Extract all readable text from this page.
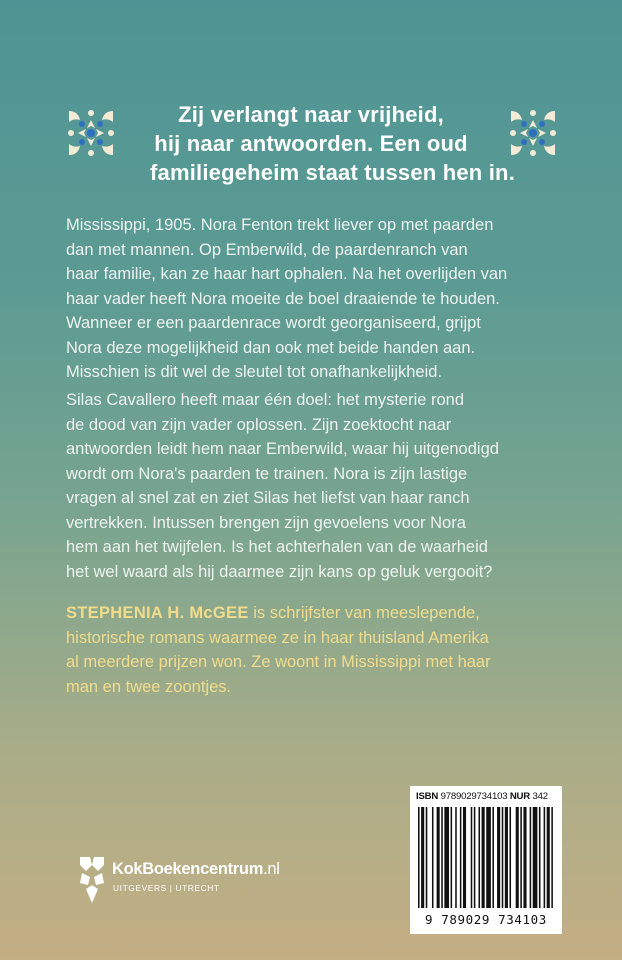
Zij verlangt naar vrijheid,
hij naar antwoorden. Een oud
familiegeheim staat tussen hen in.

Mississippi, 1905. Nora Fenton trekt liever op met paarden
dan met mannen. Op Emberwild, de paardenranch van
haar familie, kan ze haar hart ophalen. Na het overlijden van
haar vader heeft Nora moeite de boel draaiende te houden.
Wanneer er een paardenrace wordt georganiseerd, grijpt
Nora deze mogelijkheid dan ook met beide handen aan.
Misschien is dit wel de sleutel tot onafhankelijkheid.

Silas Cavallero heeft maar één doel: het mysterie rond
de dood van zijn vader oplossen. Zijn zoektocht naar
antwoorden leidt hem naar Emberwild, waar hij uitgenodigd
wordt om Nora's paarden te trainen. Nora is zijn lastige
vragen al snel zat en ziet Silas het liefst van haar ranch
vertrekken. Intussen brengen zijn gevoelens voor Nora
hem aan het twijfelen. Is het achterhalen van de waarheid
het wel waard als hij daarmee zijn kans op geluk vergooit?

STEPHENIA H. McGEE is schrijfster van meeslepende,
historische romans waarmee ze in haar thuisland Amerika
al meerdere prijzen won. Ze woont in Mississippi met haar
man en twee zoontjes.

ISBN 9789029734103 NUR 342
9 789029 734103
KokBoekencentrum.nl
UITGEVERS | UTRECHT
